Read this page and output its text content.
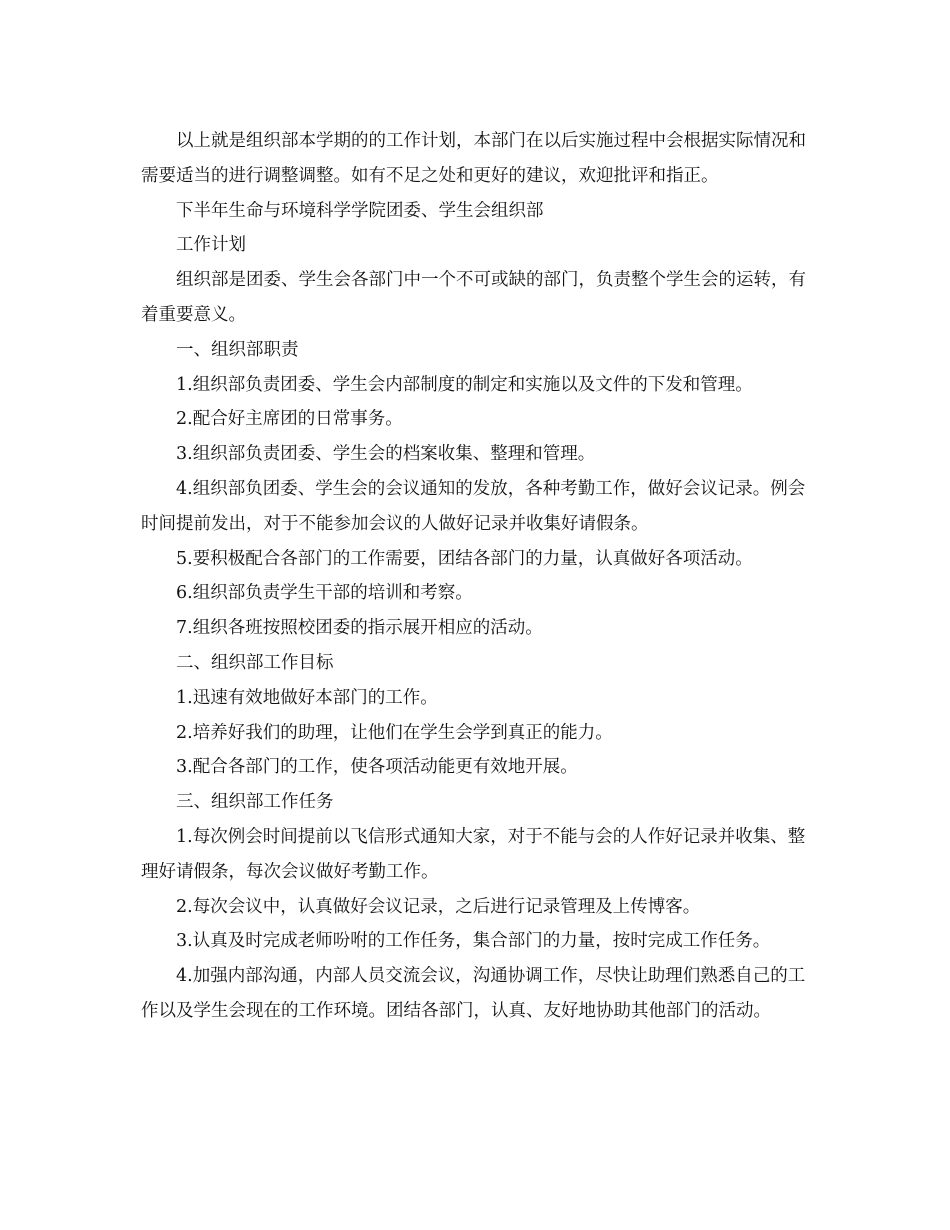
以上就是组织部本学期的的工作计划，本部门在以后实施过程中会根据实际情况和需要适当的进行调整调整。如有不足之处和更好的建议，欢迎批评和指正。

下半年生命与环境科学学院团委、学生会组织部

工作计划

组织部是团委、学生会各部门中一个不可或缺的部门，负责整个学生会的运转，有着重要意义。

一、组织部职责

1.组织部负责团委、学生会内部制度的制定和实施以及文件的下发和管理。

2.配合好主席团的日常事务。

3.组织部负责团委、学生会的档案收集、整理和管理。

4.组织部负团委、学生会的会议通知的发放，各种考勤工作，做好会议记录。例会时间提前发出，对于不能参加会议的人做好记录并收集好请假条。

5.要积极配合各部门的工作需要，团结各部门的力量，认真做好各项活动。

6.组织部负责学生干部的培训和考察。

7.组织各班按照校团委的指示展开相应的活动。

二、组织部工作目标

1.迅速有效地做好本部门的工作。

2.培养好我们的助理，让他们在学生会学到真正的能力。

3.配合各部门的工作，使各项活动能更有效地开展。

三、组织部工作任务

1.每次例会时间提前以飞信形式通知大家，对于不能与会的人作好记录并收集、整理好请假条，每次会议做好考勤工作。

2.每次会议中，认真做好会议记录，之后进行记录管理及上传博客。

3.认真及时完成老师吩咐的工作任务，集合部门的力量，按时完成工作任务。

4.加强内部沟通，内部人员交流会议，沟通协调工作，尽快让助理们熟悉自己的工作以及学生会现在的工作环境。团结各部门，认真、友好地协助其他部门的活动。
